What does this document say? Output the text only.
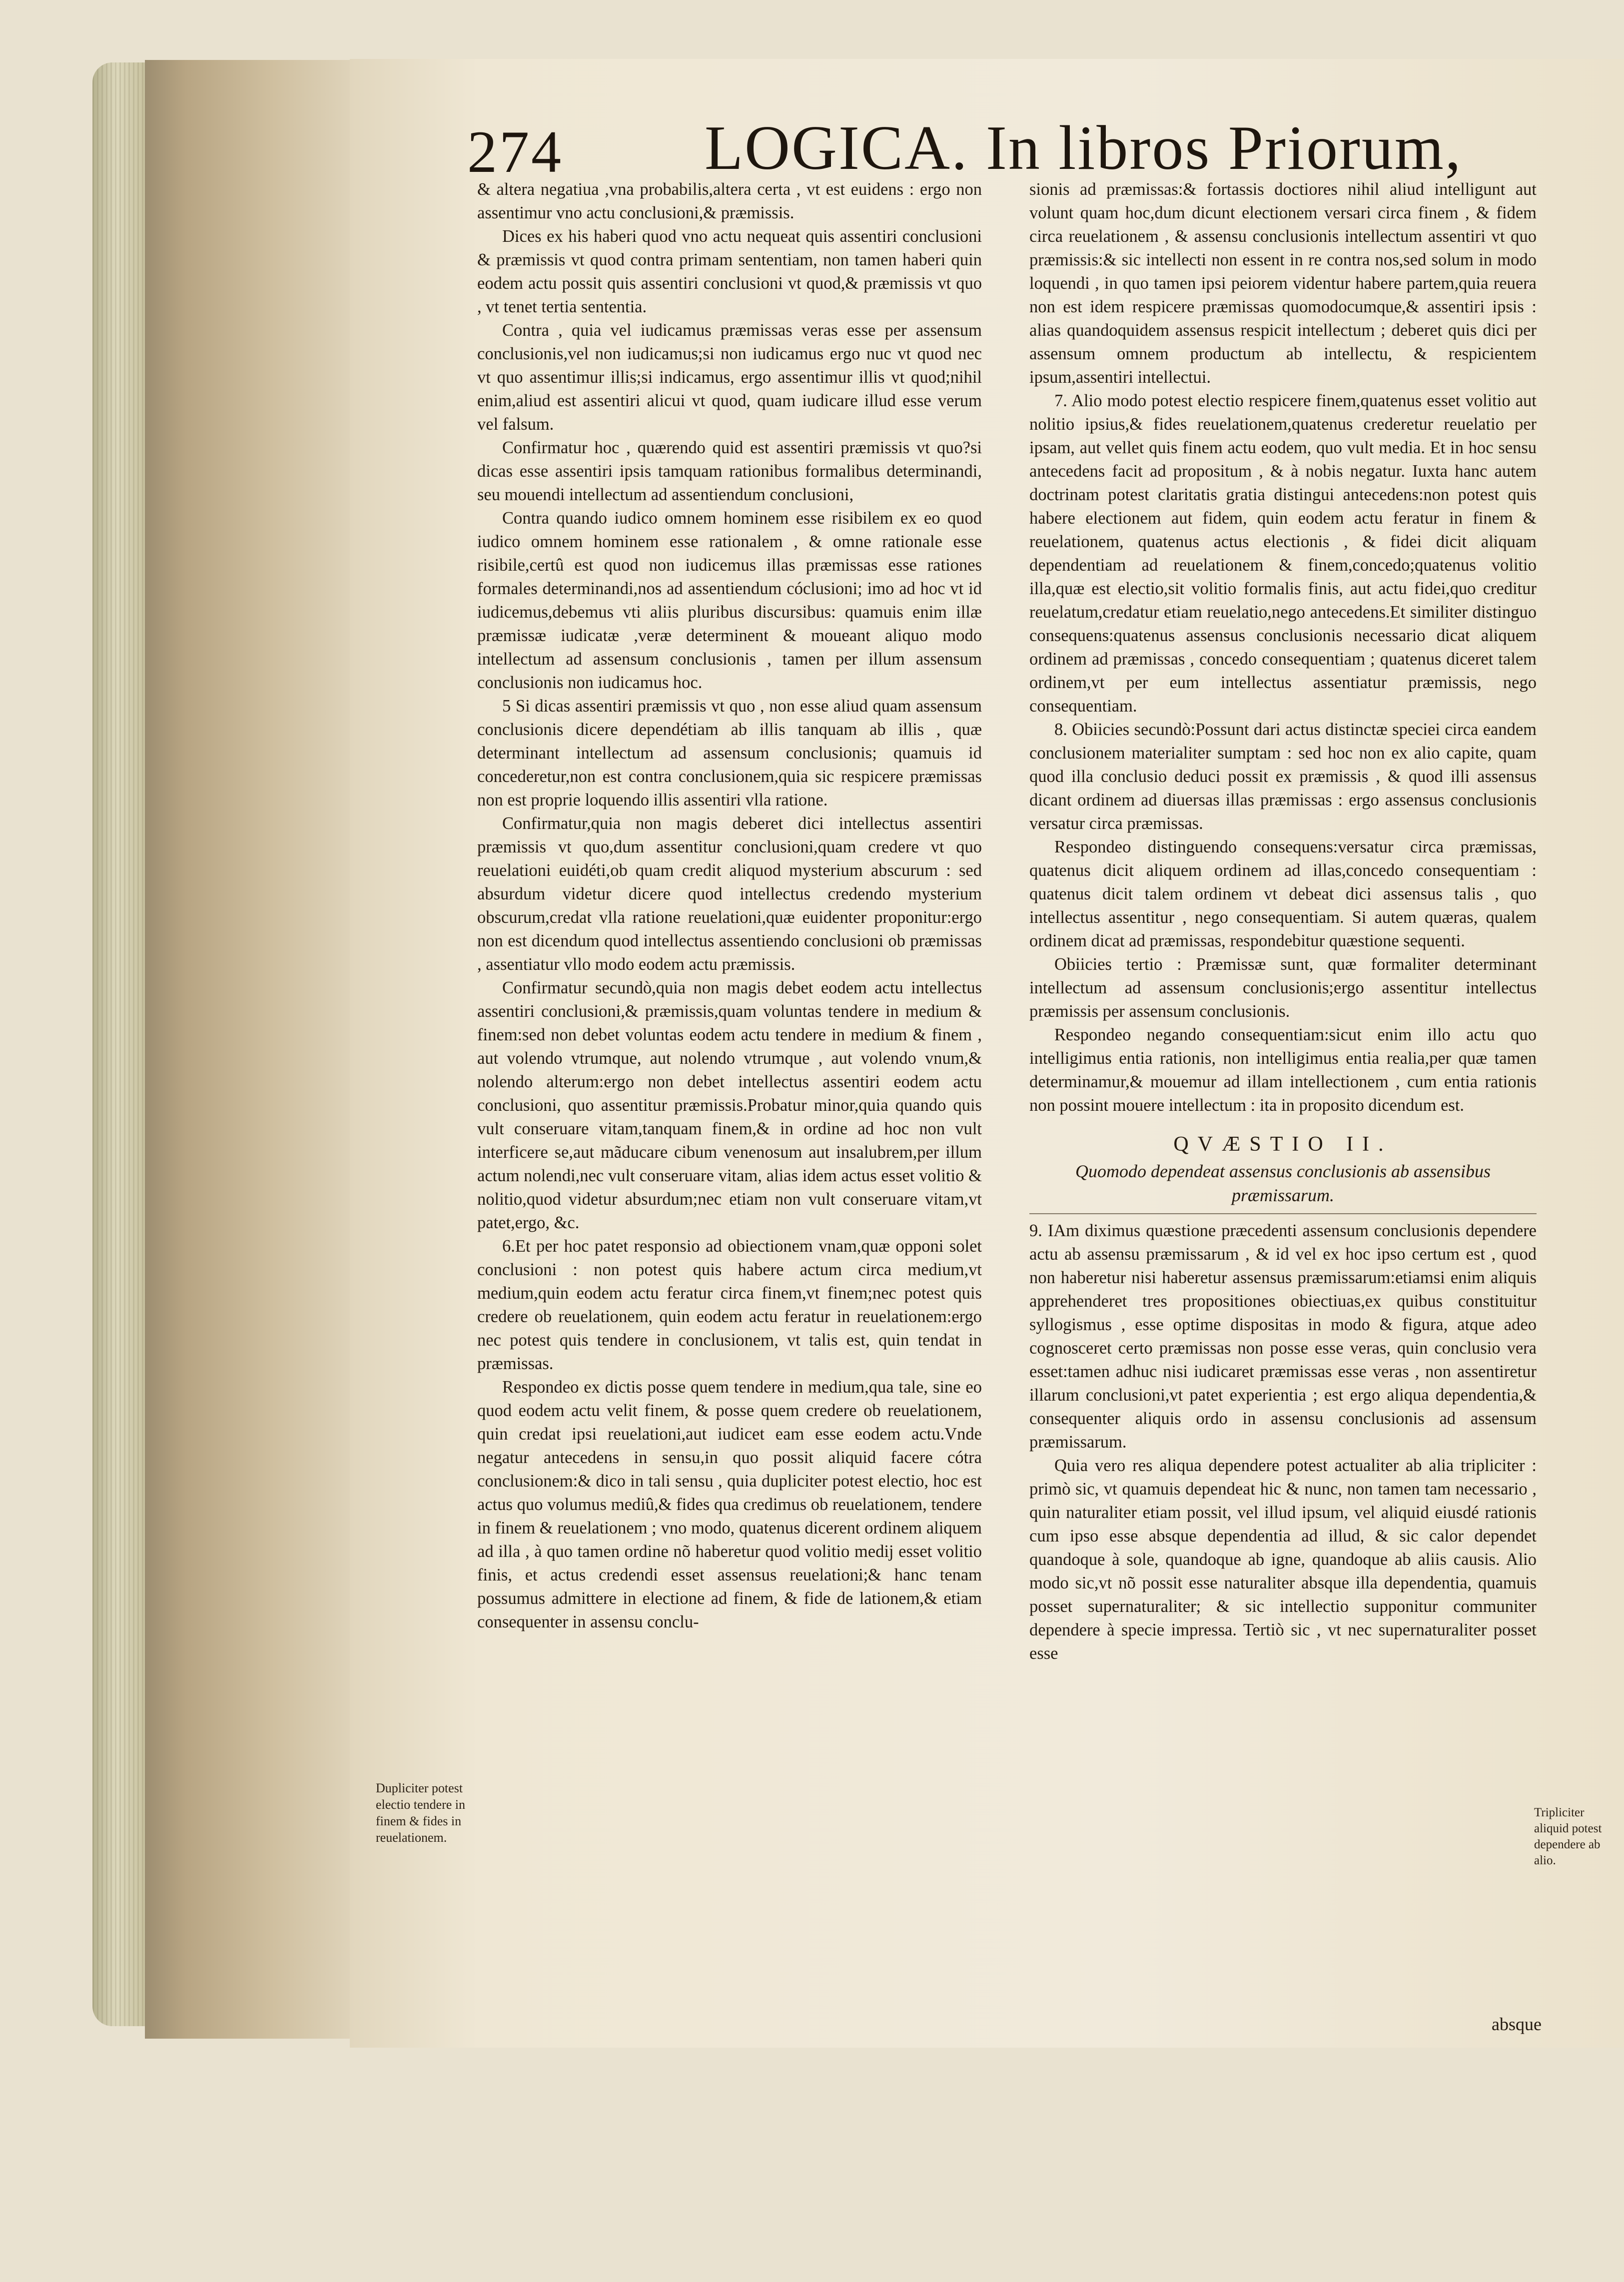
274 LOGICA. In libros Priorum,

& altera negatiua ,vna probabilis,altera certa , vt est euidens : ergo non assentimur vno actu conclusioni,& præmissis.

Dices ex his haberi quod vno actu nequeat quis assentiri conclusioni & præmissis vt quod contra primam sententiam, non tamen haberi quin eodem actu possit quis assentiri conclusioni vt quod,& præmissis vt quo , vt tenet tertia sententia.

Contra , quia vel iudicamus præmissas veras esse per assensum conclusionis,vel non iudicamus;si non iudicamus ergo nuc vt quod nec vt quo assentimur illis;si indicamus, ergo assentimur illis vt quod;nihil enim,aliud est assentiri alicui vt quod, quam iudicare illud esse verum vel falsum.

Confirmatur hoc , quærendo quid est assentiri præmissis vt quo?si dicas esse assentiri ipsis tamquam rationibus formalibus determinandi, seu mouendi intellectum ad assentiendum conclusioni,

Contra quando iudico omnem hominem esse risibilem ex eo quod iudico omnem hominem esse rationalem , & omne rationale esse risibile,certû est quod non iudicemus illas præmissas esse rationes formales determinandi,nos ad assentiendum cóclusioni; imo ad hoc vt id iudicemus,debemus vti aliis pluribus discursibus: quamuis enim illæ præmissæ iudicatæ ,veræ determinent & moueant aliquo modo intellectum ad assensum conclusionis , tamen per illum assensum conclusionis non iudicamus hoc.

5 Si dicas assentiri præmissis vt quo , non esse aliud quam assensum conclusionis dicere dependétiam ab illis tanquam ab illis , quæ determinant intellectum ad assensum conclusionis; quamuis id concederetur,non est contra conclusionem,quia sic respicere præmissas non est proprie loquendo illis assentiri vlla ratione.

Confirmatur,quia non magis deberet dici intellectus assentiri præmissis vt quo,dum assentitur conclusioni,quam credere vt quo reuelationi euidéti,ob quam credit aliquod mysterium abscurum : sed absurdum videtur dicere quod intellectus credendo mysterium obscurum,credat vlla ratione reuelationi,quæ euidenter proponitur:ergo non est dicendum quod intellectus assentiendo conclusioni ob præmissas , assentiatur vllo modo eodem actu præmissis.

Confirmatur secundò,quia non magis debet eodem actu intellectus assentiri conclusioni,& præmissis,quam voluntas tendere in medium & finem:sed non debet voluntas eodem actu tendere in medium & finem , aut volendo vtrumque, aut nolendo vtrumque , aut volendo vnum,& nolendo alterum:ergo non debet intellectus assentiri eodem actu conclusioni, quo assentitur præmissis.Probatur minor,quia quando quis vult conseruare vitam,tanquam finem,& in ordine ad hoc non vult interficere se,aut mãducare cibum venenosum aut insalubrem,per illum actum nolendi,nec vult conseruare vitam, alias idem actus esset volitio & nolitio,quod videtur absurdum;nec etiam non vult conseruare vitam,vt patet,ergo, &c.

6.Et per hoc patet responsio ad obiectionem vnam,quæ opponi solet conclusioni : non potest quis habere actum circa medium,vt medium,quin eodem actu feratur circa finem,vt finem;nec potest quis credere ob reuelationem, quin eodem actu feratur in reuelationem:ergo nec potest quis tendere in conclusionem, vt talis est, quin tendat in præmissas.

Respondeo ex dictis posse quem tendere in medium,qua tale, sine eo quod eodem actu velit finem, & posse quem credere ob reuelationem, quin credat ipsi reuelationi,aut iudicet eam esse eodem actu.Vnde negatur antecedens in sensu,in quo possit aliquid facere cótra conclusionem:& dico in tali sensu , quia dupliciter potest electio, hoc est actus quo volumus mediû,& fides qua credimus ob reuelationem, tendere in finem & reuelationem ; vno modo, quatenus dicerent ordinem aliquem ad illa , à quo tamen ordine nõ haberetur quod volitio medij esset volitio finis, et actus credendi esset assensus reuelationi;& hanc tenam possumus admittere in electione ad finem, & fide de lationem,& etiam consequenter in assensu conclu-

sionis ad præmissas:& fortassis doctiores nihil aliud intelligunt aut volunt quam hoc,dum dicunt electionem versari circa finem , & fidem circa reuelationem , & assensu conclusionis intellectum assentiri vt quo præmissis:& sic intellecti non essent in re contra nos,sed solum in modo loquendi , in quo tamen ipsi peiorem videntur habere partem,quia reuera non est idem respicere præmissas quomodocumque,& assentiri ipsis : alias quandoquidem assensus respicit intellectum ; deberet quis dici per assensum omnem productum ab intellectu, & respicientem ipsum,assentiri intellectui.

7. Alio modo potest electio respicere finem,quatenus esset volitio aut nolitio ipsius,& fides reuelationem,quatenus crederetur reuelatio per ipsam, aut vellet quis finem actu eodem, quo vult media. Et in hoc sensu antecedens facit ad propositum , & à nobis negatur. Iuxta hanc autem doctrinam potest claritatis gratia distingui antecedens:non potest quis habere electionem aut fidem, quin eodem actu feratur in finem & reuelationem, quatenus actus electionis , & fidei dicit aliquam dependentiam ad reuelationem & finem,concedo;quatenus volitio illa,quæ est electio,sit volitio formalis finis, aut actu fidei,quo creditur reuelatum,credatur etiam reuelatio,nego antecedens.Et similiter distinguo consequens:quatenus assensus conclusionis necessario dicat aliquem ordinem ad præmissas , concedo consequentiam ; quatenus diceret talem ordinem,vt per eum intellectus assentiatur præmissis, nego consequentiam.

8. Obiicies secundò:Possunt dari actus distinctæ speciei circa eandem conclusionem materialiter sumptam : sed hoc non ex alio capite, quam quod illa conclusio deduci possit ex præmissis , & quod illi assensus dicant ordinem ad diuersas illas præmissas : ergo assensus conclusionis versatur circa præmissas.

Respondeo distinguendo consequens:versatur circa præmissas, quatenus dicit aliquem ordinem ad illas,concedo consequentiam : quatenus dicit talem ordinem vt debeat dici assensus talis , quo intellectus assentitur , nego consequentiam. Si autem quæras, qualem ordinem dicat ad præmissas, respondebitur quæstione sequenti.

Obiicies tertio : Præmissæ sunt, quæ formaliter determinant intellectum ad assensum conclusionis;ergo assentitur intellectus præmissis per assensum conclusionis.

Respondeo negando consequentiam:sicut enim illo actu quo intelligimus entia rationis, non intelligimus entia realia,per quæ tamen determinamur,& mouemur ad illam intellectionem , cum entia rationis non possint mouere intellectum : ita in proposito dicendum est.

QVÆSTIO II.
Quomodo dependeat assensus conclusionis ab assensibus præmissarum.

9. IAm diximus quæstione præcedenti assensum conclusionis dependere actu ab assensu præmissarum , & id vel ex hoc ipso certum est , quod non haberetur nisi haberetur assensus præmissarum:etiamsi enim aliquis apprehenderet tres propositiones obiectiuas,ex quibus constituitur syllogismus , esse optime dispositas in modo & figura, atque adeo cognosceret certo præmissas non posse esse veras, quin conclusio vera esset:tamen adhuc nisi iudicaret præmissas esse veras , non assentiretur illarum conclusioni,vt patet experientia ; est ergo aliqua dependentia,& consequenter aliquis ordo in assensu conclusionis ad assensum præmissarum.

Quia vero res aliqua dependere potest actualiter ab alia tripliciter : primò sic, vt quamuis dependeat hic & nunc, non tamen tam necessario , quin naturaliter etiam possit, vel illud ipsum, vel aliquid eiusdé rationis cum ipso esse absque dependentia ad illud, & sic calor dependet quandoque à sole, quandoque ab igne, quandoque ab aliis causis. Alio modo sic,vt nõ possit esse naturaliter absque illa dependentia, quamuis posset supernaturaliter; & sic intellectio supponitur communiter dependere à specie impressa. Tertiò sic , vt nec supernaturaliter posset esse

Dupliciter potest electio tendere in finem & fides in reuelationem.
Tripliciter aliquid potest dependere ab alio.
absque
